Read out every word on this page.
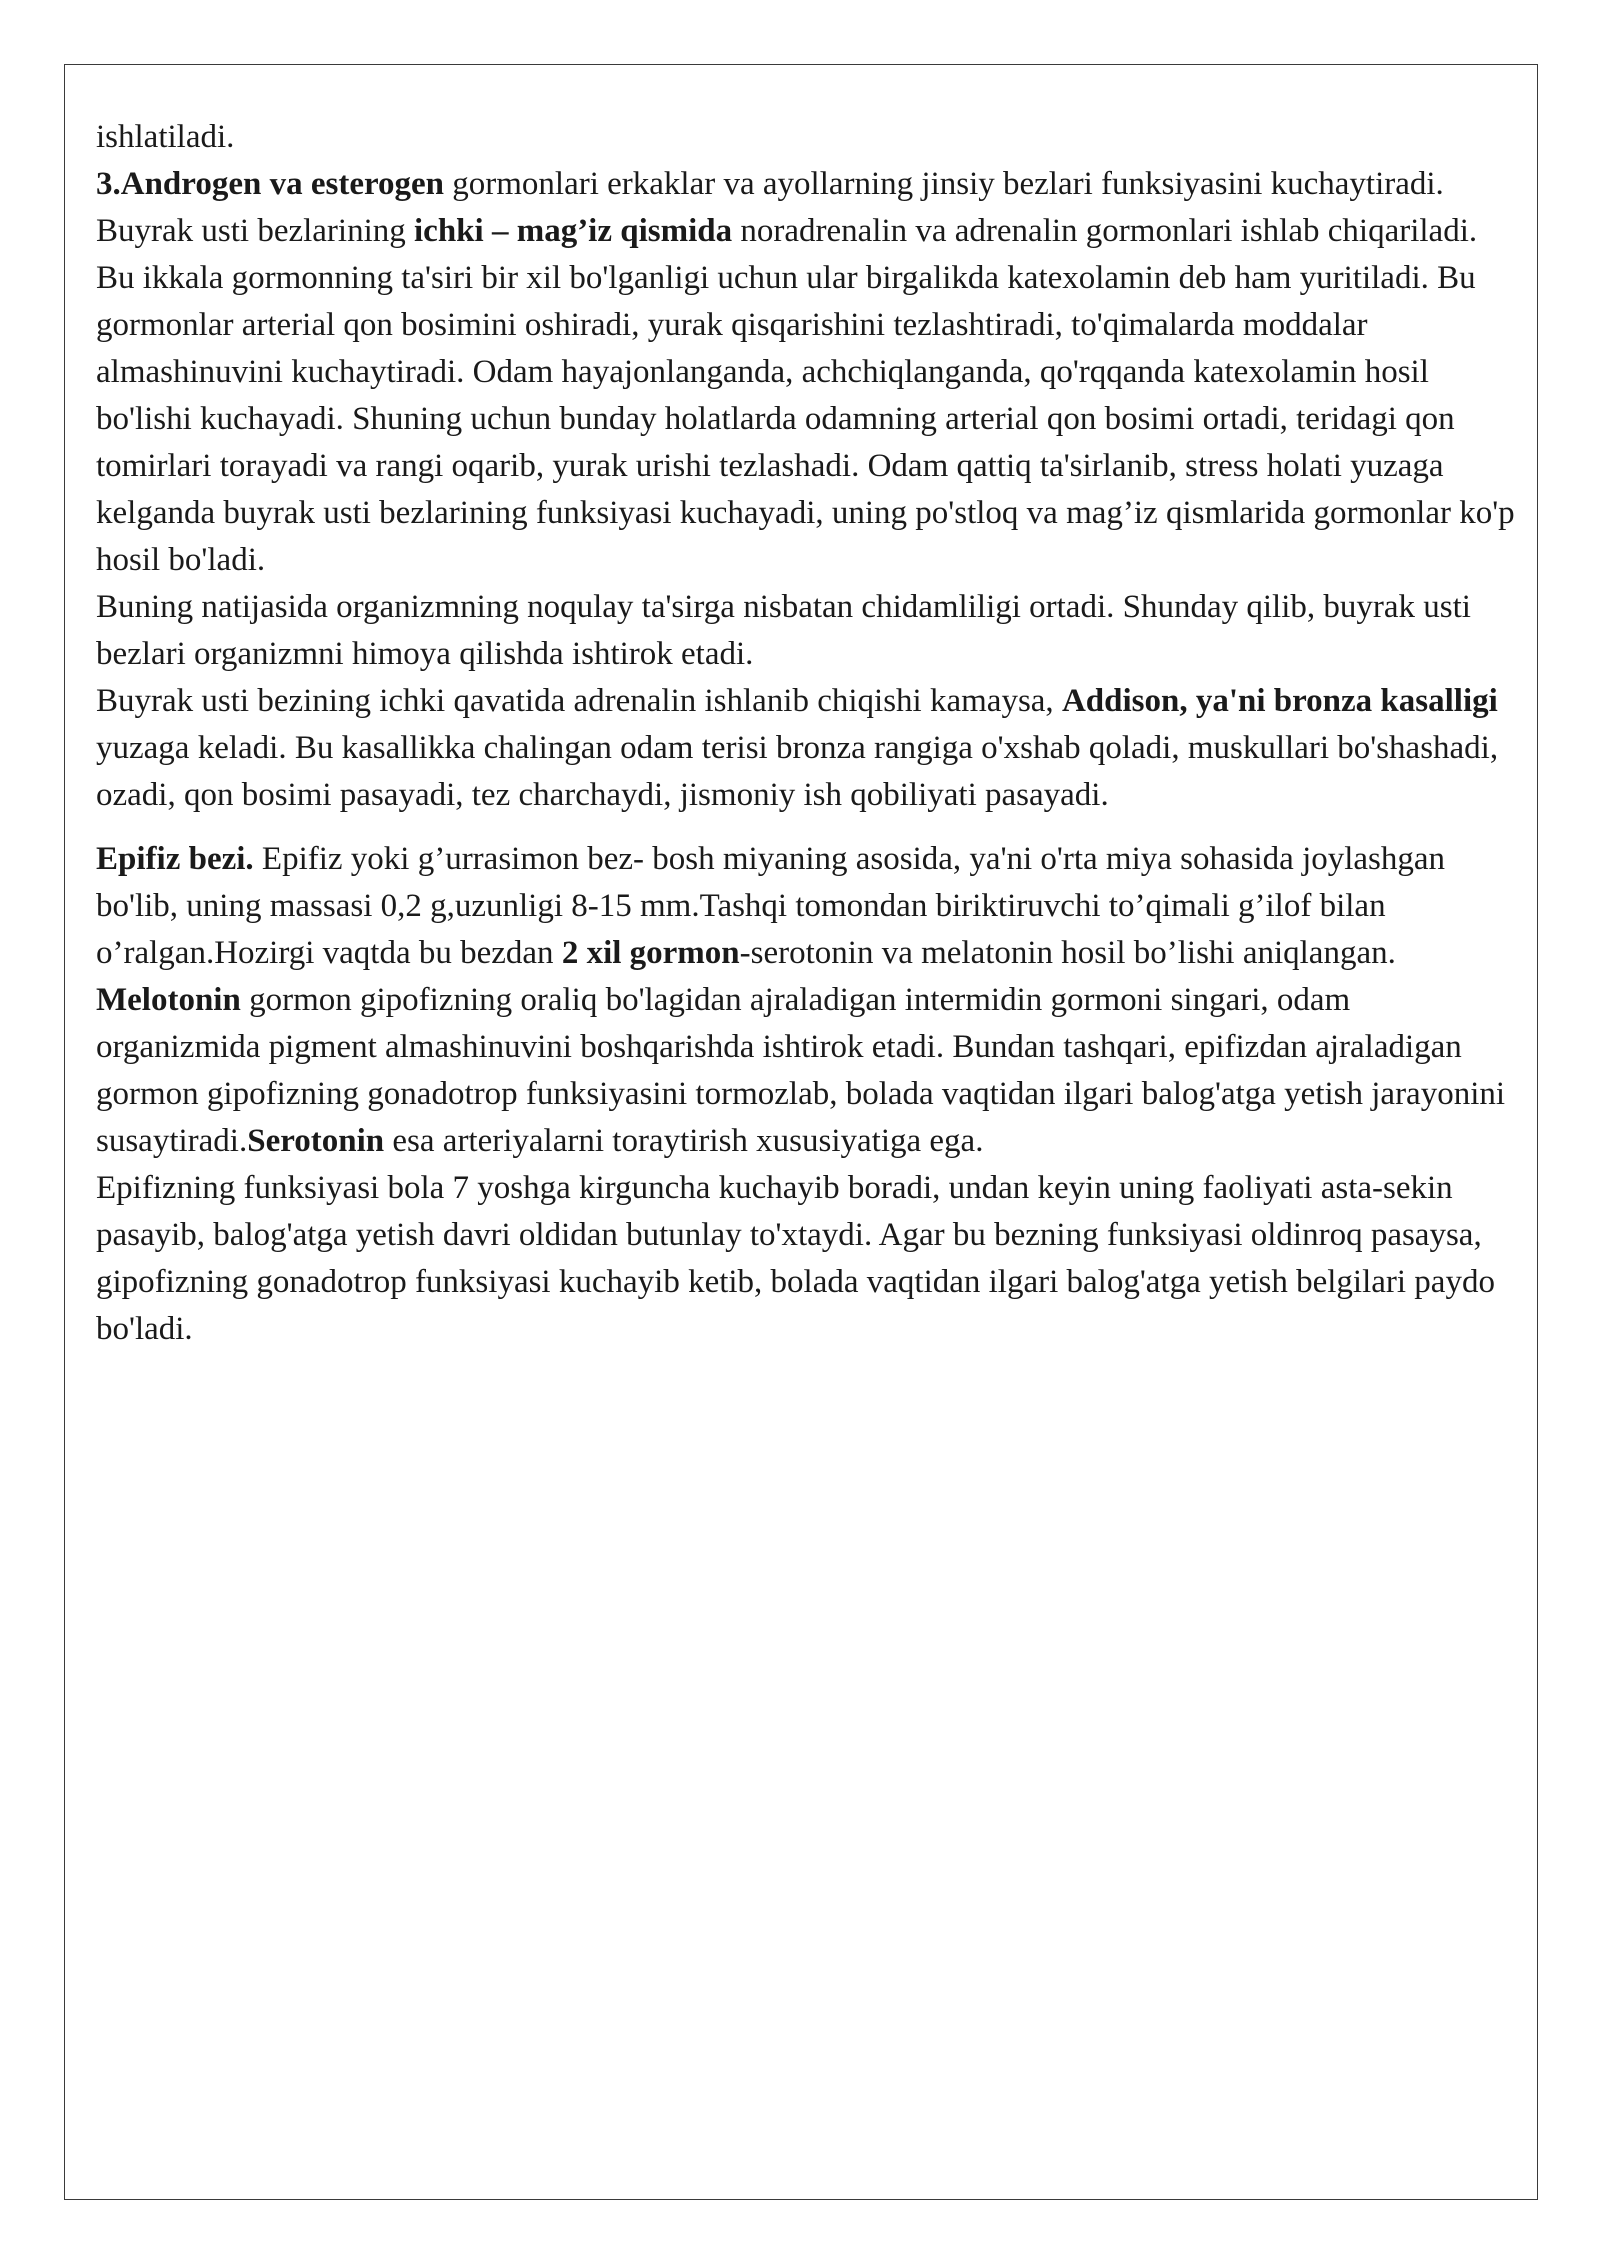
ishlatiladi.

3.Androgen va esterogen gormonlari erkaklar va ayollarning jinsiy bezlari funksiyasini kuchaytiradi.

Buyrak usti bezlarining ichki – mag’iz qismida noradrenalin va adrenalin gormonlari ishlab chiqariladi. Bu ikkala gormonning ta'siri bir xil bo'lganligi uchun ular birgalikda katexolamin deb ham yuritiladi. Bu gormonlar arterial qon bosimini oshiradi, yurak qisqarishini tezlashtiradi, to'qimalarda moddalar almashinuvini kuchaytiradi. Odam hayajonlanganda, achchiqlanganda, qo'rqqanda katexolamin hosil bo'lishi kuchayadi. Shuning uchun bunday holatlarda odamning arterial qon bosimi ortadi, teridagi qon tomirlari torayadi va rangi oqarib, yurak urishi tezlashadi. Odam qattiq ta'sirlanib, stress holati yuzaga kelganda buyrak usti bezlarining funksiyasi kuchayadi, uning po'stloq va mag’iz qismlarida gormonlar ko'p hosil bo'ladi.

Buning natijasida organizmning noqulay ta'sirga nisbatan chidamliligi ortadi. Shunday qilib, buyrak usti bezlari organizmni himoya qilishda ishtirok etadi.

Buyrak usti bezining ichki qavatida adrenalin ishlanib chiqishi kamaysa, Addison, ya'ni bronza kasalligi yuzaga keladi. Bu kasallikka chalingan odam terisi bronza rangiga o'xshab qoladi, muskullari bo'shashadi, ozadi, qon bosimi pasayadi, tez charchaydi, jismoniy ish qobiliyati pasayadi.

Epifiz bezi. Epifiz yoki g’urrasimon bez- bosh miyaning asosida, ya'ni o'rta miya sohasida joylashgan bo'lib, uning massasi 0,2 g,uzunligi 8-15 mm.Tashqi tomondan biriktiruvchi to’qimali g’ilof bilan o’ralgan.Hozirgi vaqtda bu bezdan 2 xil gormon-serotonin va melatonin hosil bo’lishi aniqlangan. Melotonin gormon gipofizning oraliq bo'lagidan ajraladigan intermidin gormoni singari, odam organizmida pigment almashinuvini boshqarishda ishtirok etadi. Bundan tashqari, epifizdan ajraladigan gormon gipofizning gonadotrop funksiyasini tormozlab, bolada vaqtidan ilgari balog'atga yetish jarayonini susaytiradi.Serotonin esa arteriyalarni toraytirish xususiyatiga ega.

Epifizning funksiyasi bola 7 yoshga kirguncha kuchayib boradi, undan keyin uning faoliyati asta-sekin pasayib, balog'atga yetish davri oldidan butunlay to'xtaydi. Agar bu bezning funksiyasi oldinroq pasaysa, gipofizning gonadotrop funksiyasi kuchayib ketib, bolada vaqtidan ilgari balog'atga yetish belgilari paydo bo'ladi.
